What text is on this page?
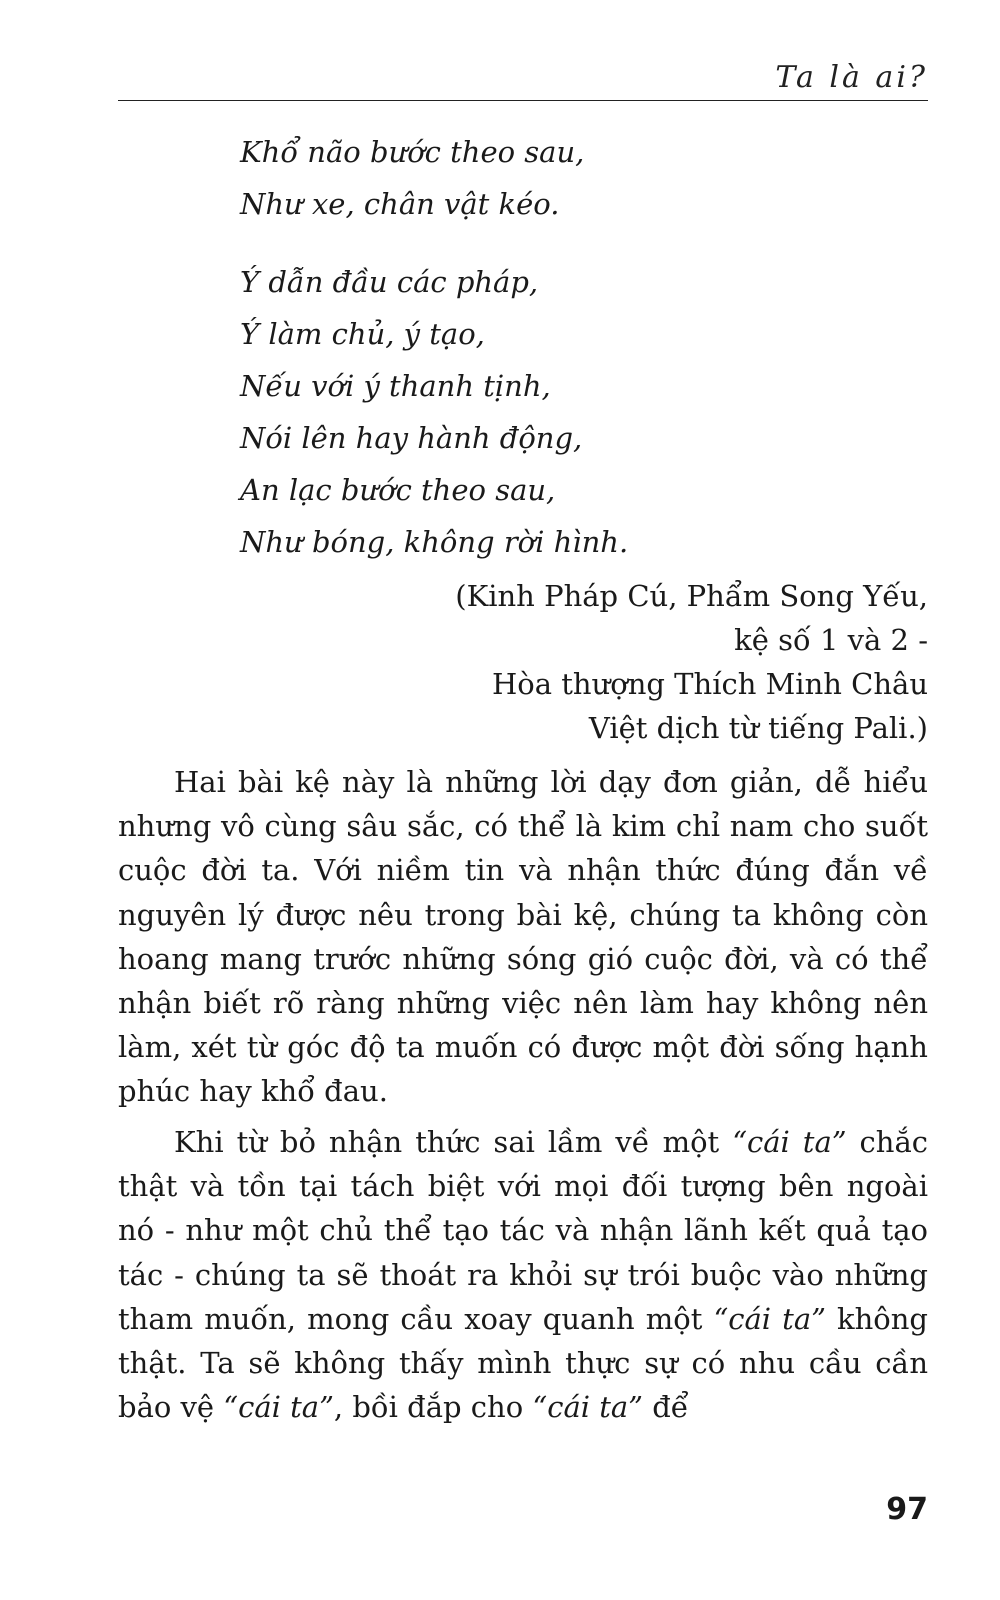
Ta là ai?
Khổ não bước theo sau,
Như xe, chân vật kéo.
Ý dẫn đầu các pháp,
Ý làm chủ, ý tạo,
Nếu với ý thanh tịnh,
Nói lên hay hành động,
An lạc bước theo sau,
Như bóng, không rời hình.
(Kinh Pháp Cú, Phẩm Song Yếu,
kệ số 1 và 2 -
Hòa thượng Thích Minh Châu
Việt dịch từ tiếng Pali.)

Hai bài kệ này là những lời dạy đơn giản, dễ hiểu nhưng vô cùng sâu sắc, có thể là kim chỉ nam cho suốt cuộc đời ta. Với niềm tin và nhận thức đúng đắn về nguyên lý được nêu trong bài kệ, chúng ta không còn hoang mang trước những sóng gió cuộc đời, và có thể nhận biết rõ ràng những việc nên làm hay không nên làm, xét từ góc độ ta muốn có được một đời sống hạnh phúc hay khổ đau.

Khi từ bỏ nhận thức sai lầm về một “cái ta” chắc thật và tồn tại tách biệt với mọi đối tượng bên ngoài nó - như một chủ thể tạo tác và nhận lãnh kết quả tạo tác - chúng ta sẽ thoát ra khỏi sự trói buộc vào những tham muốn, mong cầu xoay quanh một “cái ta” không thật. Ta sẽ không thấy mình thực sự có nhu cầu cần bảo vệ “cái ta”, bồi đắp cho “cái ta” để

97
